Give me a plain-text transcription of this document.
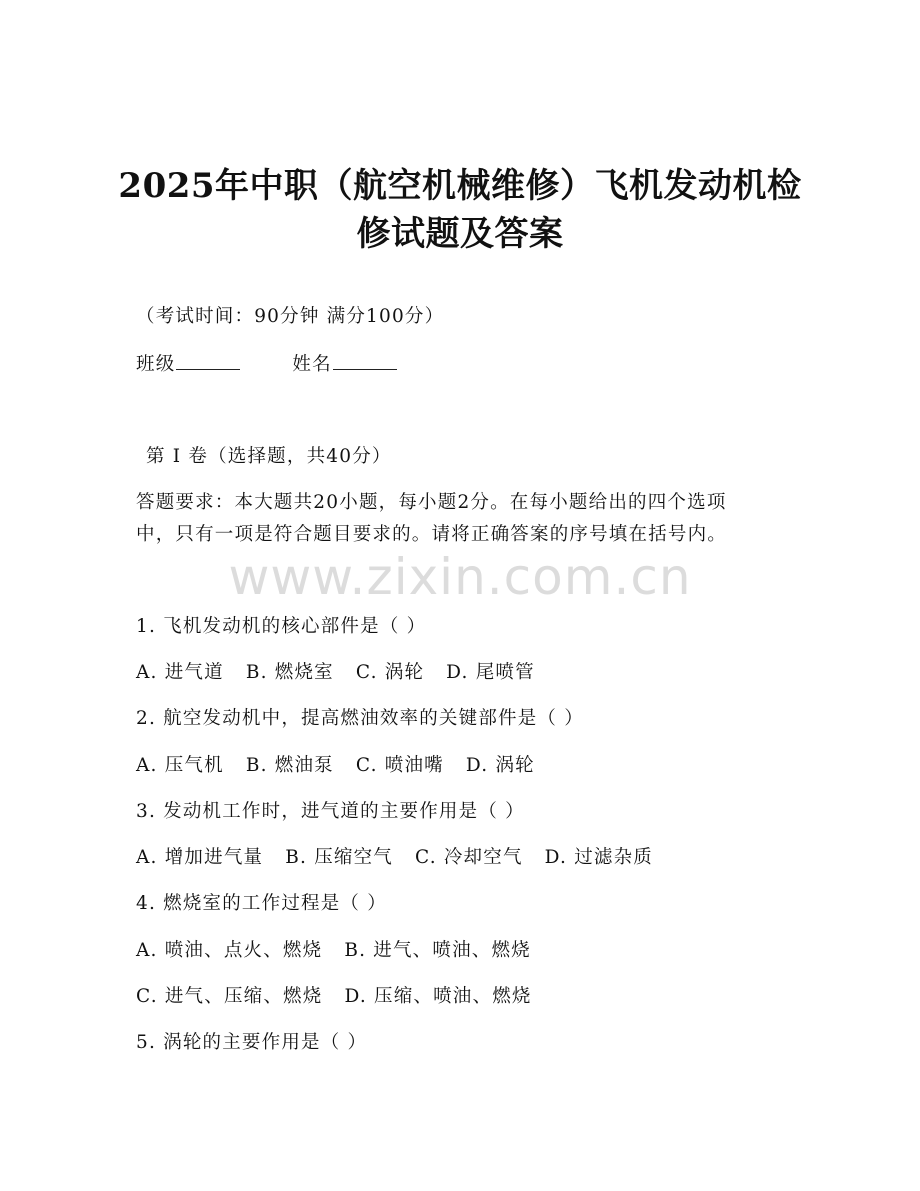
2025年中职（航空机械维修）飞机发动机检
修试题及答案
（考试时间：90分钟 满分100分）
班级	姓名
第 I 卷（选择题，共40分）
答题要求：本大题共20小题，每小题2分。在每小题给出的四个选项
中，只有一项是符合题目要求的。请将正确答案的序号填在括号内。
www.zixin.com.cn
1. 飞机发动机的核心部件是（ ）
A. 进气道 B. 燃烧室 C. 涡轮 D. 尾喷管
2. 航空发动机中，提高燃油效率的关键部件是（ ）
A. 压气机 B. 燃油泵 C. 喷油嘴 D. 涡轮
3. 发动机工作时，进气道的主要作用是（ ）
A. 增加进气量 B. 压缩空气 C. 冷却空气 D. 过滤杂质
4. 燃烧室的工作过程是（ ）
A. 喷油、点火、燃烧 B. 进气、喷油、燃烧
C. 进气、压缩、燃烧 D. 压缩、喷油、燃烧
5. 涡轮的主要作用是（ ）
